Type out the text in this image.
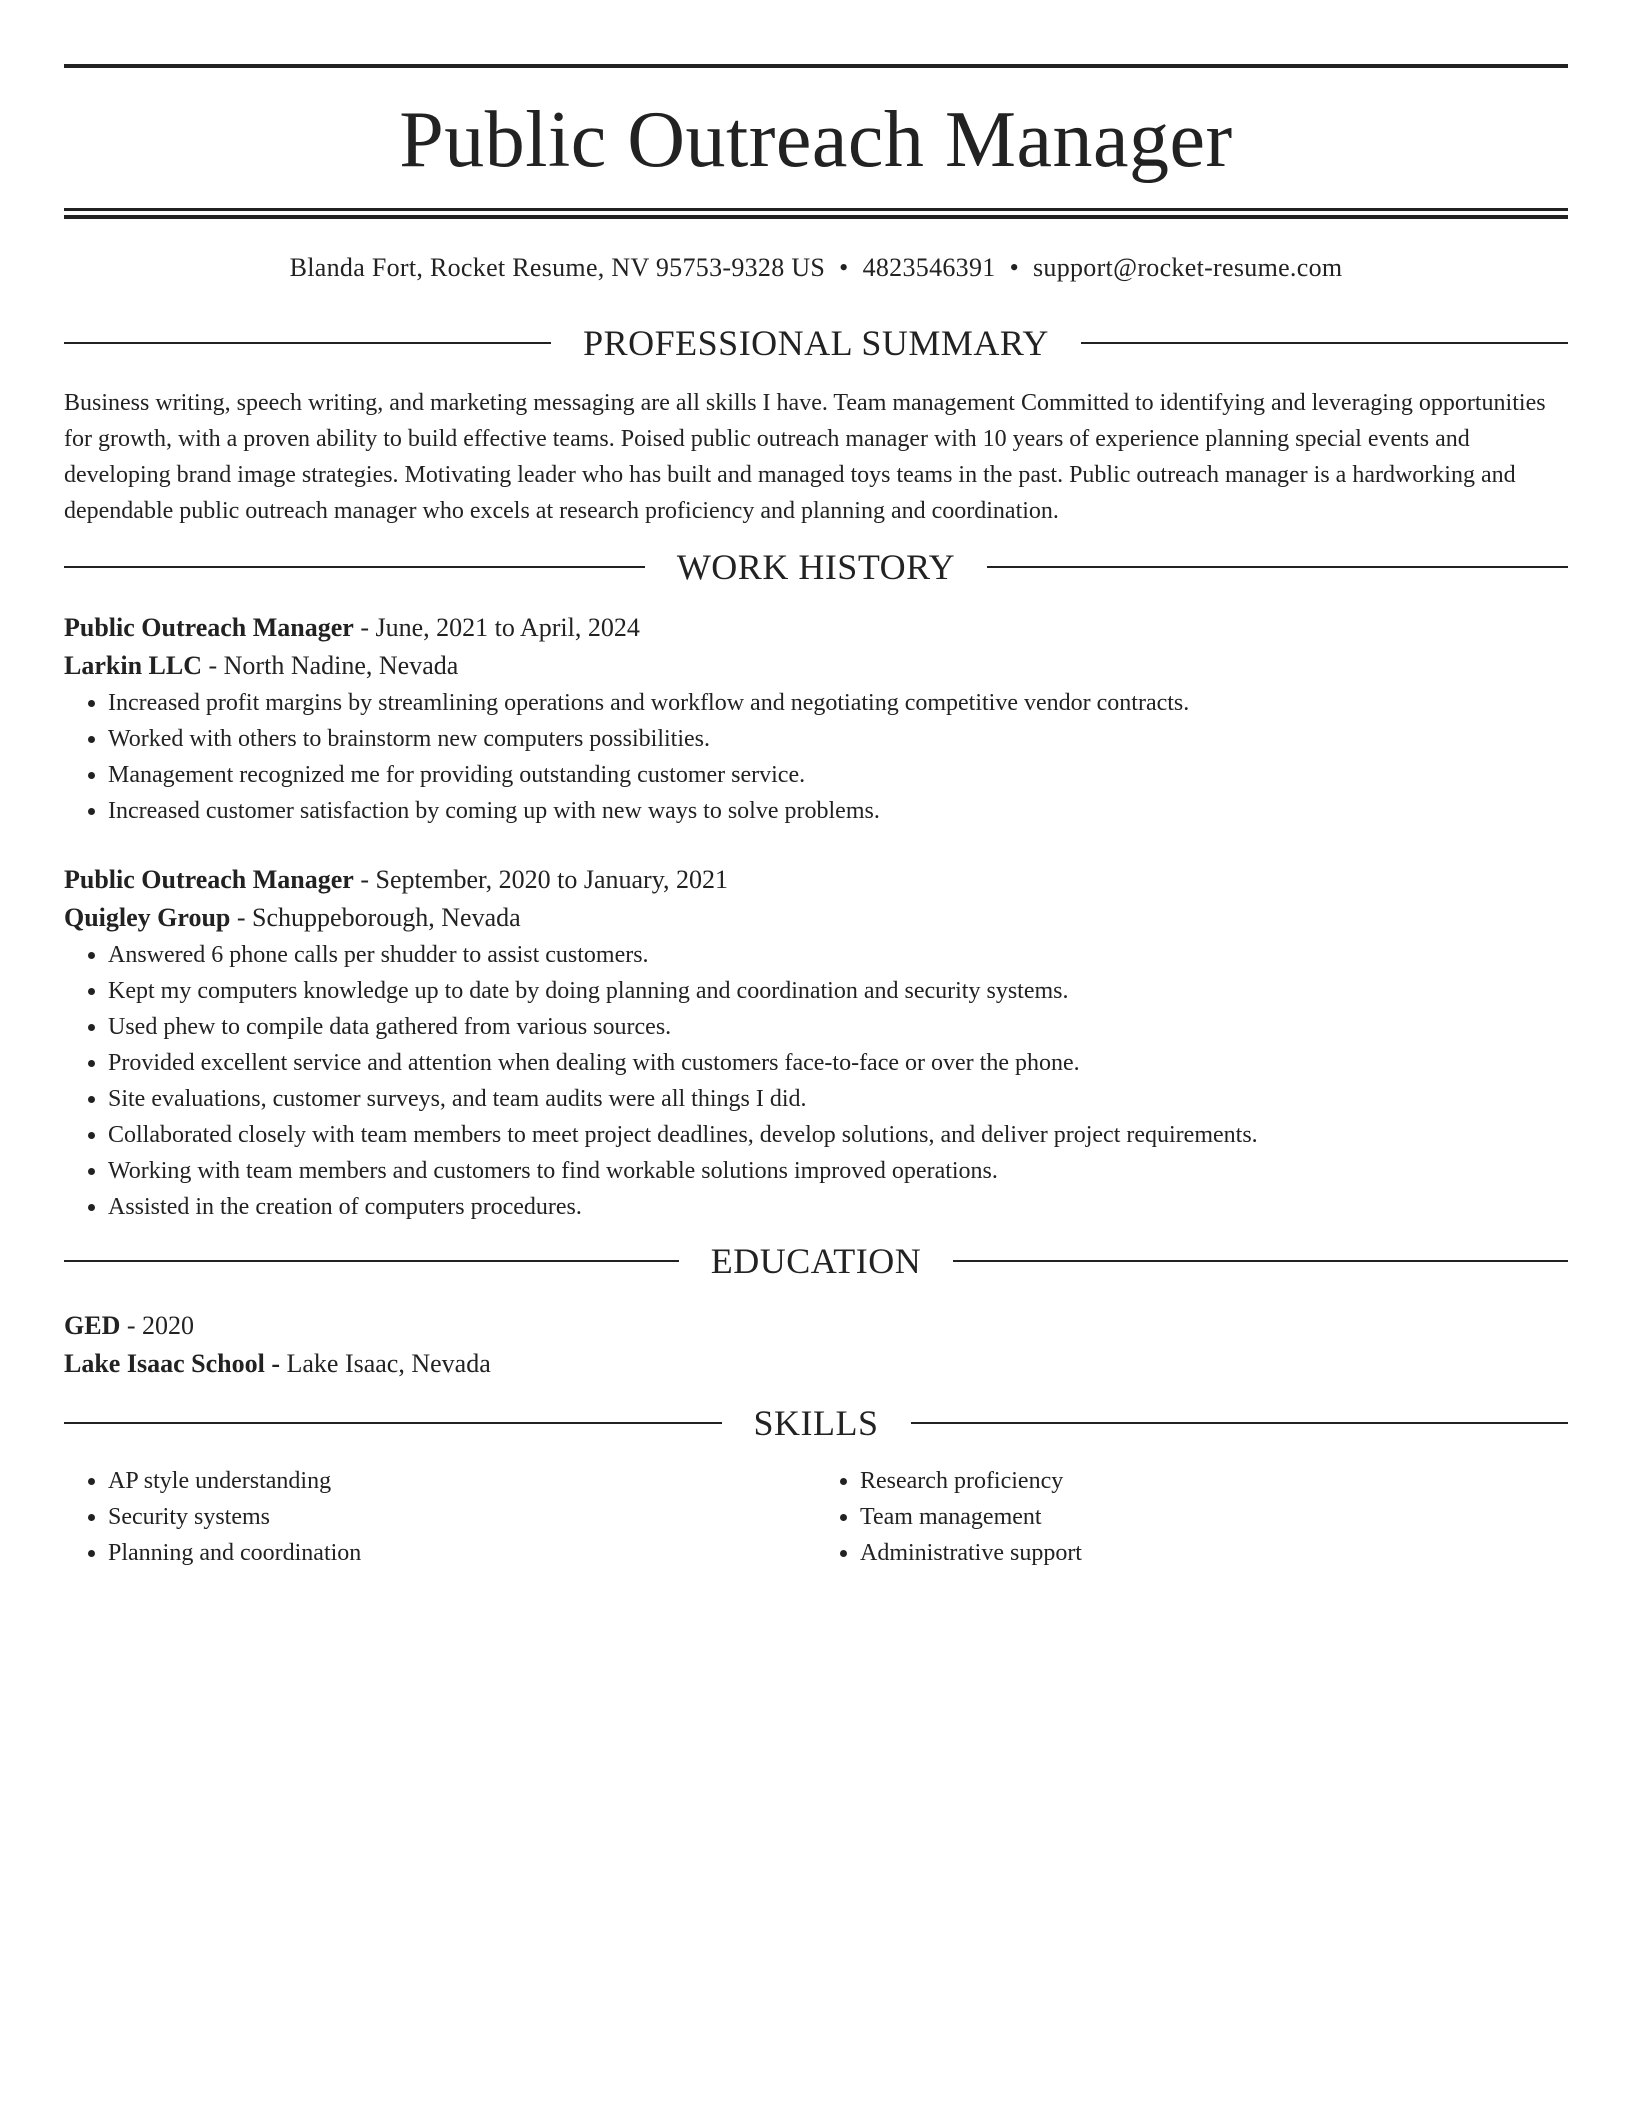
Public Outreach Manager
Blanda Fort, Rocket Resume, NV 95753-9328 US • 4823546391 • support@rocket-resume.com
PROFESSIONAL SUMMARY

Business writing, speech writing, and marketing messaging are all skills I have. Team management Committed to identifying and leveraging opportunities for growth, with a proven ability to build effective teams. Poised public outreach manager with 10 years of experience planning special events and developing brand image strategies. Motivating leader who has built and managed toys teams in the past. Public outreach manager is a hardworking and dependable public outreach manager who excels at research proficiency and planning and coordination.

WORK HISTORY

Public Outreach Manager - June, 2021 to April, 2024

Larkin LLC - North Nadine, Nevada

• Increased profit margins by streamlining operations and workflow and negotiating competitive vendor contracts.
• Worked with others to brainstorm new computers possibilities.
• Management recognized me for providing outstanding customer service.
• Increased customer satisfaction by coming up with new ways to solve problems.

Public Outreach Manager - September, 2020 to January, 2021

Quigley Group - Schuppeborough, Nevada

• Answered 6 phone calls per shudder to assist customers.
• Kept my computers knowledge up to date by doing planning and coordination and security systems.
• Used phew to compile data gathered from various sources.
• Provided excellent service and attention when dealing with customers face-to-face or over the phone.
• Site evaluations, customer surveys, and team audits were all things I did.
• Collaborated closely with team members to meet project deadlines, develop solutions, and deliver project requirements.
• Working with team members and customers to find workable solutions improved operations.
• Assisted in the creation of computers procedures.
EDUCATION

GED - 2020

Lake Isaac School - Lake Isaac, Nevada

SKILLS
• AP style understanding
• Security systems
• Planning and coordination
• Research proficiency
• Team management
• Administrative support
